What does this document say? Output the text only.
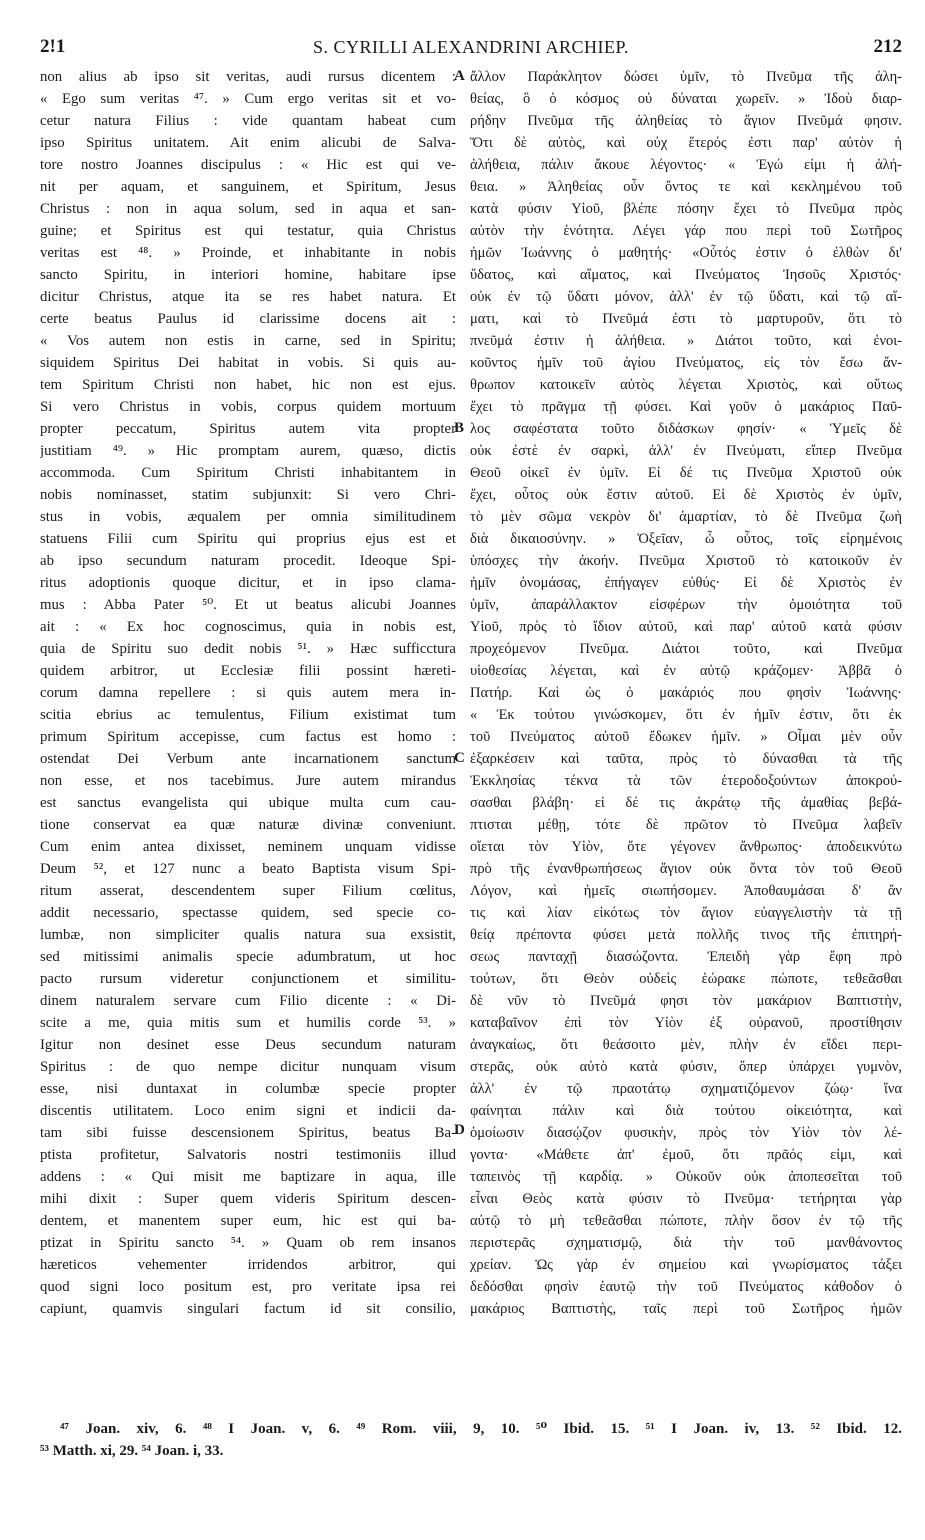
2!1	S. CYRILLI ALEXANDRINI ARCHIEP.	212
non alius ab ipso sit veritas, audi rursus dicentem :
« Ego sum veritas ⁴⁷. » Cum ergo veritas sit et vo-
cetur natura Filius : vide quantam habeat cum
ipso Spiritus unitatem. Ait enim alicubi de Salva-
tore nostro Joannes discipulus : « Hic est qui ve-
nit per aquam, et sanguinem, et Spiritum, Jesus
Christus : non in aqua solum, sed in aqua et san-
guine; et Spiritus est qui testatur, quia Christus
veritas est ⁴⁸. » Proinde, et inhabitante in nobis
sancto Spiritu, in interiori homine, habitare ipse
dicitur Christus, atque ita se res habet natura. Et
certe beatus Paulus id clarissime docens ait :
« Vos autem non estis in carne, sed in Spiritu;
siquidem Spiritus Dei habitat in vobis. Si quis au-
tem Spiritum Christi non habet, hic non est ejus.
Si vero Christus in vobis, corpus quidem mortuum
propter peccatum, Spiritus autem vita propter
justitiam ⁴⁹. » Hic promptam aurem, quæso, dictis
accommoda. Cum Spiritum Christi inhabitantem in
nobis nominasset, statim subjunxit: Si vero Chri-
stus in vobis, æqualem per omnia similitudinem
statuens Filii cum Spiritu qui proprius ejus est et
ab ipso secundum naturam procedit. Ideoque Spi-
ritus adoptionis quoque dicitur, et in ipso clama-
mus : Abba Pater ⁵⁰. Et ut beatus alicubi Joannes
ait : « Ex hoc cognoscimus, quia in nobis est,
quia de Spiritu suo dedit nobis ⁵¹. » Hæc sufficctura
quidem arbitror, ut Ecclesiæ filii possint hæreti-
corum damna repellere : si quis autem mera in-
scitia ebrius ac temulentus, Filium existimat tum
primum Spiritum accepisse, cum factus est homo :
ostendat Dei Verbum ante incarnationem sanctum
non esse, et nos tacebimus. Jure autem mirandus
est sanctus evangelista qui ubique multa cum cau-
tione conservat ea quæ naturæ divinæ conveniunt.
Cum enim antea dixisset, neminem unquam vidisse
Deum ⁵², et 127 nunc a beato Baptista visum Spi-
ritum asserat, descendentem super Filium cœlitus,
addit necessario, spectasse quidem, sed specie co-
lumbæ, non simpliciter qualis natura sua exsistit,
sed mitissimi animalis specie adumbratum, ut hoc
pacto rursum videretur conjunctionem et similitu-
dinem naturalem servare cum Filio dicente : « Di-
scite a me, quia mitis sum et humilis corde ⁵³. »
Igitur non desinet esse Deus secundum naturam
Spiritus : de quo nempe dicitur nunquam visum
esse, nisi duntaxat in columbæ specie propter
discentis utilitatem. Loco enim signi et indicii da-
tam sibi fuisse descensionem Spiritus, beatus Ba-
ptista profitetur, Salvatoris nostri testimoniis illud
addens : « Qui misit me baptizare in aqua, ille
mihi dixit : Super quem videris Spiritum descen-
dentem, et manentem super eum, hic est qui ba-
ptizat in Spiritu sancto ⁵⁴. » Quam ob rem insanos
hæreticos vehementer irridendos arbitror, qui
quod signi loco positum est, pro veritate ipsa rei
capiunt, quamvis singulari factum id sit consilio,
ἄλλον Παράκλητον δώσει ὑμῖν, τὸ Πνεῦμα τῆς ἀλη-
θείας, ὃ ὁ κόσμος οὐ δύναται χωρεῖν. » Ἰδοὺ διαρ-
ρήδην Πνεῦμα τῆς ἀληθείας τὸ ἅγιον Πνεῦμά φησιν.
Ὅτι δὲ αὐτὸς, καὶ οὐχ ἕτερός ἐστι παρ' αὐτὸν ἡ
ἀλήθεια, πάλιν ἄκουε λέγοντος· « Ἐγώ εἰμι ἡ ἀλή-
θεια. » Ἀληθείας οὖν ὄντος τε καὶ κεκλημένου τοῦ
κατὰ φύσιν Υἱοῦ, βλέπε πόσην ἔχει τὸ Πνεῦμα πρὸς
αὐτὸν τὴν ἑνότητα. Λέγει γάρ που περὶ τοῦ Σωτῆρος
ἡμῶν Ἰωάννης ὁ μαθητής· «Οὗτός ἐστιν ὁ ἐλθὼν δι'
ὕδατος, καὶ αἵματος, καὶ Πνεύματος Ἰησοῦς Χριστός·
οὐκ ἐν τῷ ὕδατι μόνον, ἀλλ' ἐν τῷ ὕδατι, καὶ τῷ αἵ-
ματι, καὶ τὸ Πνεῦμά ἐστι τὸ μαρτυροῦν, ὅτι τὸ
πνεῦμά ἐστιν ἡ ἀλήθεια. » Διάτοι τοῦτο, καὶ ἐνοι-
κοῦντος ἡμῖν τοῦ ἁγίου Πνεύματος, εἰς τὸν ἔσω ἄν-
θρωπον κατοικεῖν αὐτὸς λέγεται Χριστὸς, καὶ οὕτως
ἔχει τὸ πρᾶγμα τῇ φύσει. Καὶ γοῦν ὁ μακάριος Παῦ-
λος σαφέστατα τοῦτο διδάσκων φησίν· « Ὑμεῖς δὲ
οὐκ ἐστὲ ἐν σαρκὶ, ἀλλ' ἐν Πνεύματι, εἴπερ Πνεῦμα
Θεοῦ οἰκεῖ ἐν ὑμῖν. Εἰ δέ τις Πνεῦμα Χριστοῦ οὐκ
ἔχει, οὗτος οὐκ ἔστιν αὐτοῦ. Εἰ δὲ Χριστὸς ἐν ὑμῖν,
τὸ μὲν σῶμα νεκρὸν δι' ἁμαρτίαν, τὸ δὲ Πνεῦμα ζωὴ
διὰ δικαιοσύνην. » Ὀξεῖαν, ὦ οὗτος, τοῖς εἰρημένοις
ὑπόσχες τὴν ἀκοήν. Πνεῦμα Χριστοῦ τὸ κατοικοῦν ἐν
ἡμῖν ὀνομάσας, ἐπήγαγεν εὐθύς· Εἰ δὲ Χριστὸς ἐν
ὑμῖν, ἀπαράλλακτον εἰσφέρων τὴν ὁμοιότητα τοῦ
Υἱοῦ, πρὸς τὸ ἴδιον αὐτοῦ, καὶ παρ' αὐτοῦ κατὰ φύσιν
προχεόμενον Πνεῦμα. Διάτοι τοῦτο, καὶ Πνεῦμα
υἱοθεσίας λέγεται, καὶ ἐν αὐτῷ κράζομεν· Ἀββᾶ ὁ
Πατήρ. Καὶ ὡς ὁ μακάριός που φησὶν Ἰωάννης·
« Ἐκ τούτου γινώσκομεν, ὅτι ἐν ἡμῖν ἐστιν, ὅτι ἐκ
τοῦ Πνεύματος αὐτοῦ ἔδωκεν ἡμῖν. » Οἶμαι μὲν οὖν
ἐξαρκέσειν καὶ ταῦτα, πρὸς τὸ δύνασθαι τὰ τῆς
Ἐκκλησίας τέκνα τὰ τῶν ἑτεροδοξούντων ἀποκρού-
σασθαι βλάβη· εἰ δέ τις ἀκράτῳ τῆς ἀμαθίας βεβά-
πτισται μέθῃ, τότε δὲ πρῶτον τὸ Πνεῦμα λαβεῖν
οἴεται τὸν Υἱὸν, ὅτε γέγονεν ἄνθρωπος· ἀποδεικνύτω
πρὸ τῆς ἐνανθρωπήσεως ἅγιον οὐκ ὄντα τὸν τοῦ Θεοῦ
Λόγον, καὶ ἡμεῖς σιωπήσομεν. Ἀποθαυμάσαι δ' ἄν
τις καὶ λίαν εἰκότως τὸν ἅγιον εὐαγγελιστὴν τὰ τῇ
θείᾳ πρέποντα φύσει μετὰ πολλῆς τινος τῆς ἐπιτηρή-
σεως πανταχῇ διασώζοντα. Ἐπειδὴ γὰρ ἔφη πρὸ
τούτων, ὅτι Θεὸν οὐδεὶς ἑώρακε πώποτε, τεθεᾶσθαι
δὲ νῦν τὸ Πνεῦμά φησι τὸν μακάριον Βαπτιστὴν,
καταβαῖνον ἐπὶ τὸν Υἱὸν ἐξ οὐρανοῦ, προστίθησιν
ἀναγκαίως, ὅτι θεάσοιτο μὲν, πλὴν ἐν εἴδει περι-
στερᾶς, οὐκ αὐτὸ κατὰ φύσιν, ὅπερ ὑπάρχει γυμνὸν,
ἀλλ' ἐν τῷ πραοτάτῳ σχηματιζόμενον ζώῳ· ἵνα
φαίνηται πάλιν καὶ διὰ τούτου οἰκειότητα, καὶ
ὁμοίωσιν διασῴζον φυσικὴν, πρὸς τὸν Υἱὸν τὸν λέ-
γοντα· «Μάθετε ἀπ' ἐμοῦ, ὅτι πρᾶός εἰμι, καὶ
ταπεινὸς τῇ καρδίᾳ. » Οὐκοῦν οὐκ ἀποπεσεῖται τοῦ
εἶναι Θεὸς κατὰ φύσιν τὸ Πνεῦμα· τετήρηται γὰρ
αὐτῷ τὸ μὴ τεθεᾶσθαι πώποτε, πλὴν ὅσον ἐν τῷ τῆς
περιστερᾶς σχηματισμῷ, διὰ τὴν τοῦ μανθάνοντος
χρείαν. Ὡς γὰρ ἐν σημείου καὶ γνωρίσματος τάξει
δεδόσθαι φησὶν ἑαυτῷ τὴν τοῦ Πνεύματος κάθοδον ὁ
μακάριος Βαπτιστὴς, ταῖς περὶ τοῦ Σωτῆρος ἡμῶν
A
B
C
D
⁴⁷ Joan. xiv, 6. ⁴⁸ I Joan. v, 6. ⁴⁹ Rom. viii, 9, 10. ⁵⁰ Ibid. 15. ⁵¹ I Joan. iv, 13. ⁵² Ibid. 12.
⁵³ Matth. xi, 29. ⁵⁴ Joan. i, 33.
